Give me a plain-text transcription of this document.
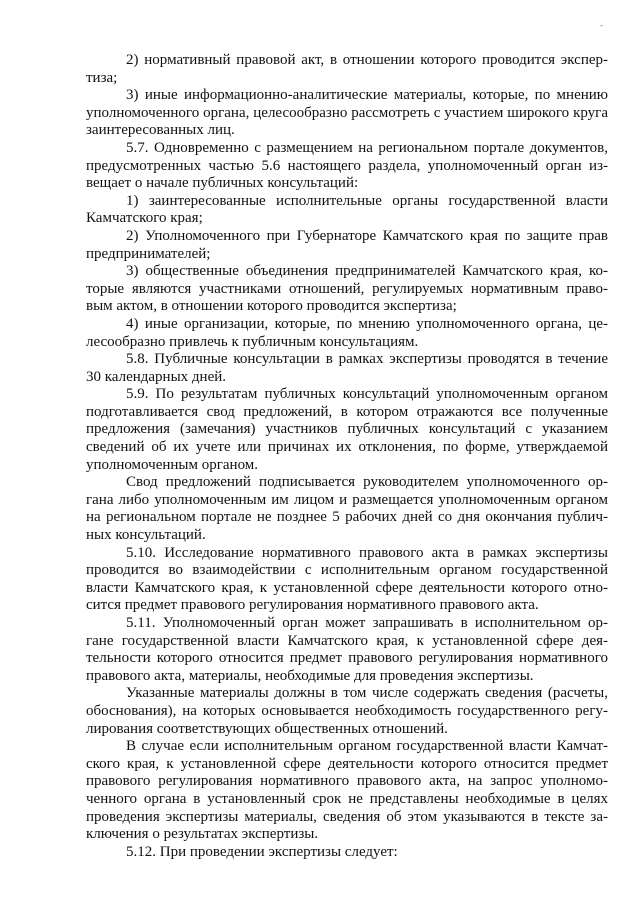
-

2) нормативный правовой акт, в отношении которого проводится экспер-тиза;

3) иные информационно-аналитические материалы, которые, по мнению уполномоченного органа, целесообразно рассмотреть с участием широкого круга заинтересованных лиц.

5.7. Одновременно с размещением на региональном портале документов, предусмотренных частью 5.6 настоящего раздела, уполномоченный орган из-вещает о начале публичных консультаций:

1) заинтересованные исполнительные органы государственной власти Камчатского края;

2) Уполномоченного при Губернаторе Камчатского края по защите прав предпринимателей;

3) общественные объединения предпринимателей Камчатского края, ко-торые являются участниками отношений, регулируемых нормативным право-вым актом, в отношении которого проводится экспертиза;

4) иные организации, которые, по мнению уполномоченного органа, це-лесообразно привлечь к публичным консультациям.

5.8. Публичные консультации в рамках экспертизы проводятся в течение 30 календарных дней.

5.9. По результатам публичных консультаций уполномоченным органом подготавливается свод предложений, в котором отражаются все полученные предложения (замечания) участников публичных консультаций с указанием сведений об их учете или причинах их отклонения, по форме, утверждаемой уполномоченным органом.

Свод предложений подписывается руководителем уполномоченного ор-гана либо уполномоченным им лицом и размещается уполномоченным органом на региональном портале не позднее 5 рабочих дней со дня окончания публич-ных консультаций.

5.10. Исследование нормативного правового акта в рамках экспертизы проводится во взаимодействии с исполнительным органом государственной власти Камчатского края, к установленной сфере деятельности которого отно-сится предмет правового регулирования нормативного правового акта.

5.11. Уполномоченный орган может запрашивать в исполнительном ор-гане государственной власти Камчатского края, к установленной сфере дея-тельности которого относится предмет правового регулирования нормативного правового акта, материалы, необходимые для проведения экспертизы.

Указанные материалы должны в том числе содержать сведения (расчеты, обоснования), на которых основывается необходимость государственного регу-лирования соответствующих общественных отношений.

В случае если исполнительным органом государственной власти Камчат-ского края, к установленной сфере деятельности которого относится предмет правового регулирования нормативного правового акта, на запрос уполномо-ченного органа в установленный срок не представлены необходимые в целях проведения экспертизы материалы, сведения об этом указываются в тексте за-ключения о результатах экспертизы.

5.12. При проведении экспертизы следует:
